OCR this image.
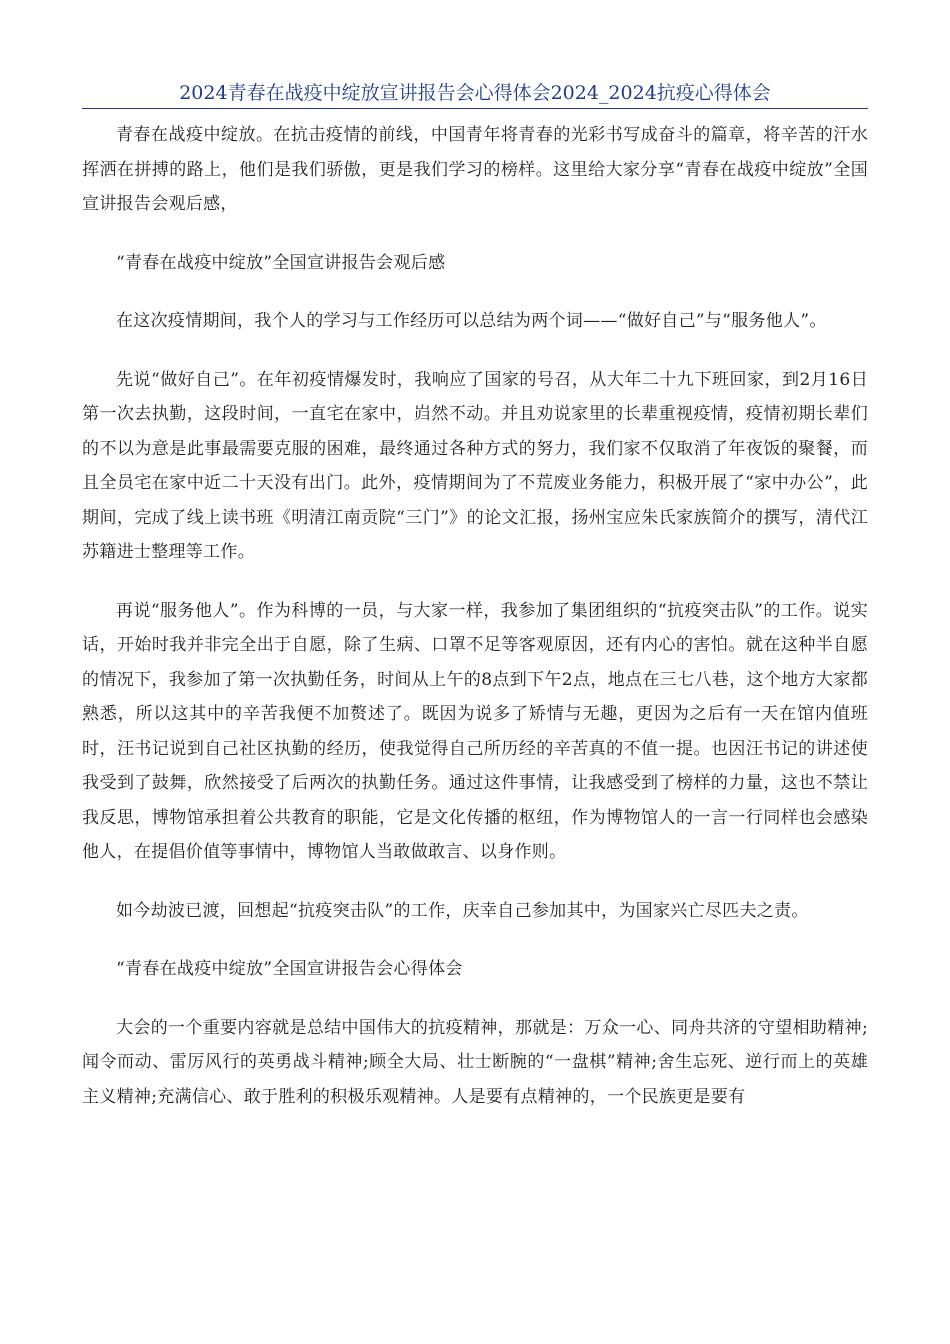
2024青春在战疫中绽放宣讲报告会心得体会2024_2024抗疫心得体会

青春在战疫中绽放。在抗击疫情的前线，中国青年将青春的光彩书写成奋斗的篇章，将辛苦的汗水挥洒在拼搏的路上，他们是我们骄傲，更是我们学习的榜样。这里给大家分享“青春在战疫中绽放”全国宣讲报告会观后感，

“青春在战疫中绽放”全国宣讲报告会观后感

在这次疫情期间，我个人的学习与工作经历可以总结为两个词——“做好自己”与“服务他人”。

先说“做好自己”。在年初疫情爆发时，我响应了国家的号召，从大年二十九下班回家，到2月16日第一次去执勤，这段时间，一直宅在家中，岿然不动。并且劝说家里的长辈重视疫情，疫情初期长辈们的不以为意是此事最需要克服的困难，最终通过各种方式的努力，我们家不仅取消了年夜饭的聚餐，而且全员宅在家中近二十天没有出门。此外，疫情期间为了不荒废业务能力，积极开展了“家中办公”，此期间，完成了线上读书班《明清江南贡院“三门”》的论文汇报，扬州宝应朱氏家族简介的撰写，清代江苏籍进士整理等工作。

再说“服务他人”。作为科博的一员，与大家一样，我参加了集团组织的“抗疫突击队”的工作。说实话，开始时我并非完全出于自愿，除了生病、口罩不足等客观原因，还有内心的害怕。就在这种半自愿的情况下，我参加了第一次执勤任务，时间从上午的8点到下午2点，地点在三七八巷，这个地方大家都熟悉，所以这其中的辛苦我便不加赘述了。既因为说多了矫情与无趣，更因为之后有一天在馆内值班时，汪书记说到自己社区执勤的经历，使我觉得自己所历经的辛苦真的不值一提。也因汪书记的讲述使我受到了鼓舞，欣然接受了后两次的执勤任务。通过这件事情，让我感受到了榜样的力量，这也不禁让我反思，博物馆承担着公共教育的职能，它是文化传播的枢纽，作为博物馆人的一言一行同样也会感染他人，在提倡价值等事情中，博物馆人当敢做敢言、以身作则。

如今劫波已渡，回想起“抗疫突击队”的工作，庆幸自己参加其中，为国家兴亡尽匹夫之责。

“青春在战疫中绽放”全国宣讲报告会心得体会

大会的一个重要内容就是总结中国伟大的抗疫精神，那就是：万众一心、同舟共济的守望相助精神;闻令而动、雷厉风行的英勇战斗精神;顾全大局、壮士断腕的“一盘棋”精神;舍生忘死、逆行而上的英雄主义精神;充满信心、敢于胜利的积极乐观精神。人是要有点精神的，一个民族更是要有
